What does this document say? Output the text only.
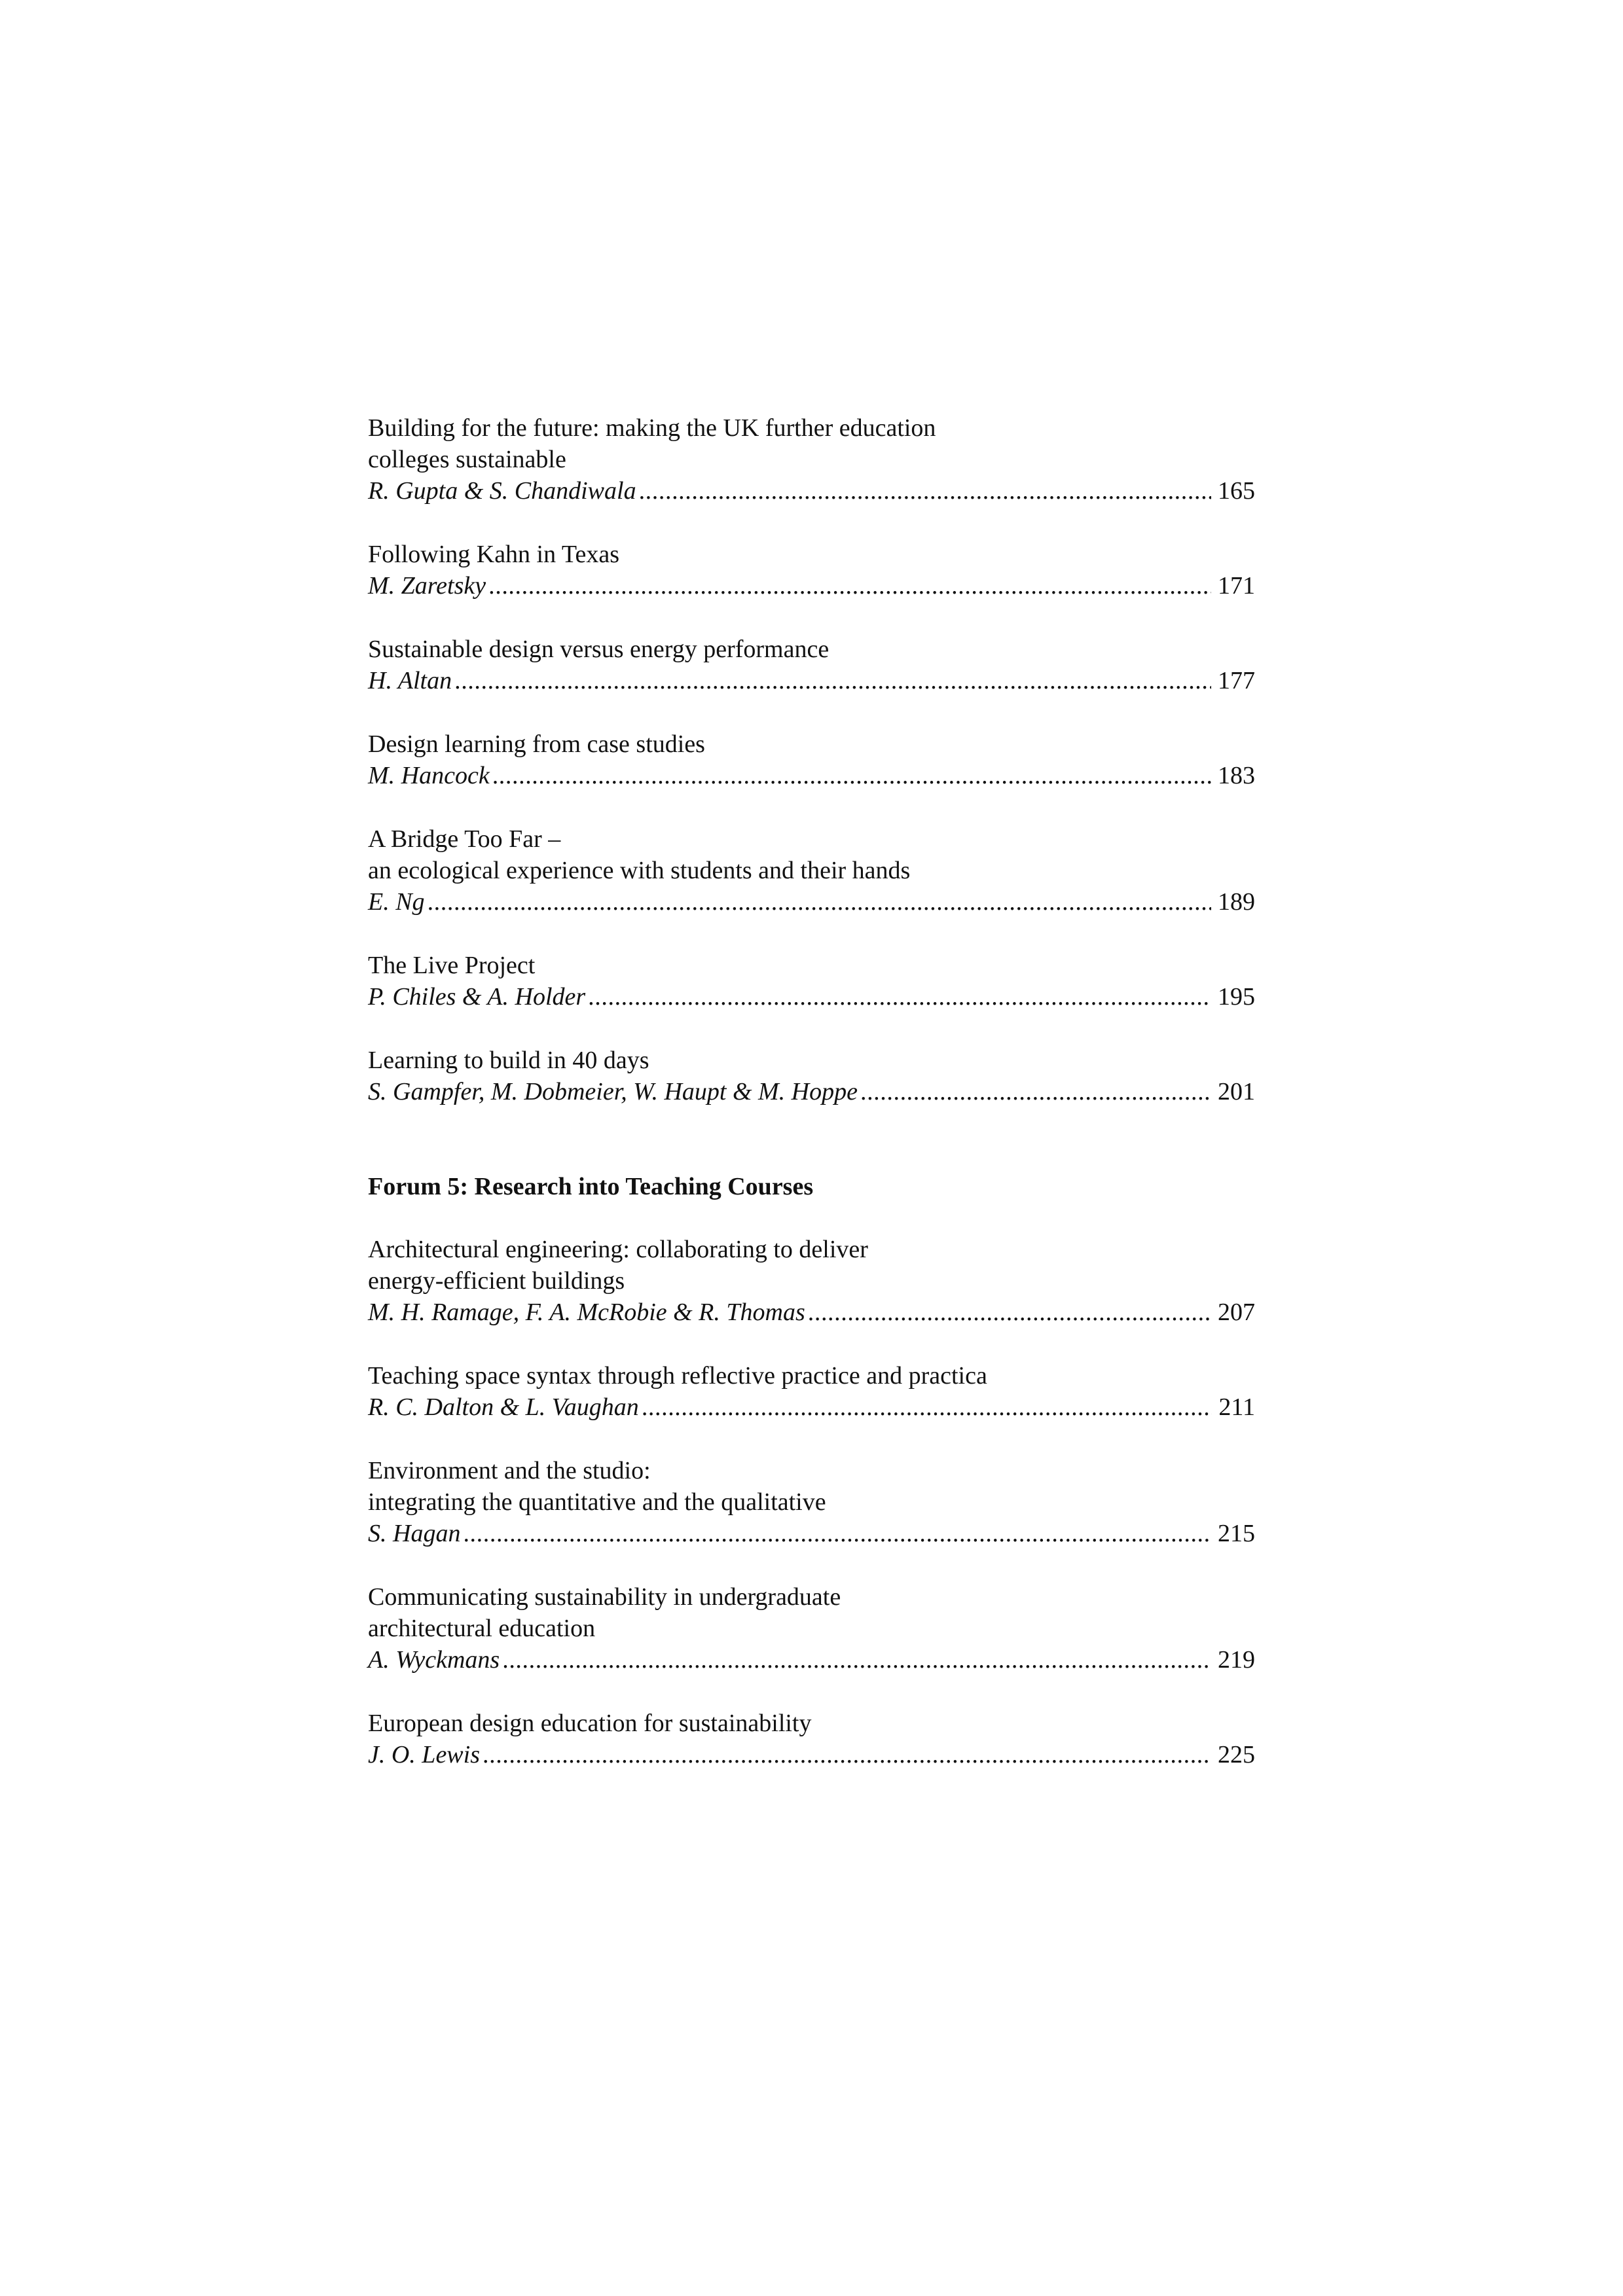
Building for the future: making the UK further education
colleges sustainable
R. Gupta & S. Chandiwala .....	165
Following Kahn in Texas
M. Zaretsky .....	171
Sustainable design versus energy performance
H. Altan .....	177
Design learning from case studies
M. Hancock .....	183
A Bridge Too Far –
an ecological experience with students and their hands
E. Ng .....	189
The Live Project
P. Chiles & A. Holder .....	195
Learning to build in 40 days
S. Gampfer, M. Dobmeier, W. Haupt & M. Hoppe .....	201
Forum 5: Research into Teaching Courses
Architectural engineering: collaborating to deliver
energy-efficient buildings
M. H. Ramage, F. A. McRobie & R. Thomas .....	207
Teaching space syntax through reflective practice and practica
R. C. Dalton & L. Vaughan .....	211
Environment and the studio:
integrating the quantitative and the qualitative
S. Hagan .....	215
Communicating sustainability in undergraduate
architectural education
A. Wyckmans .....	219
European design education for sustainability
J. O. Lewis .....	225
